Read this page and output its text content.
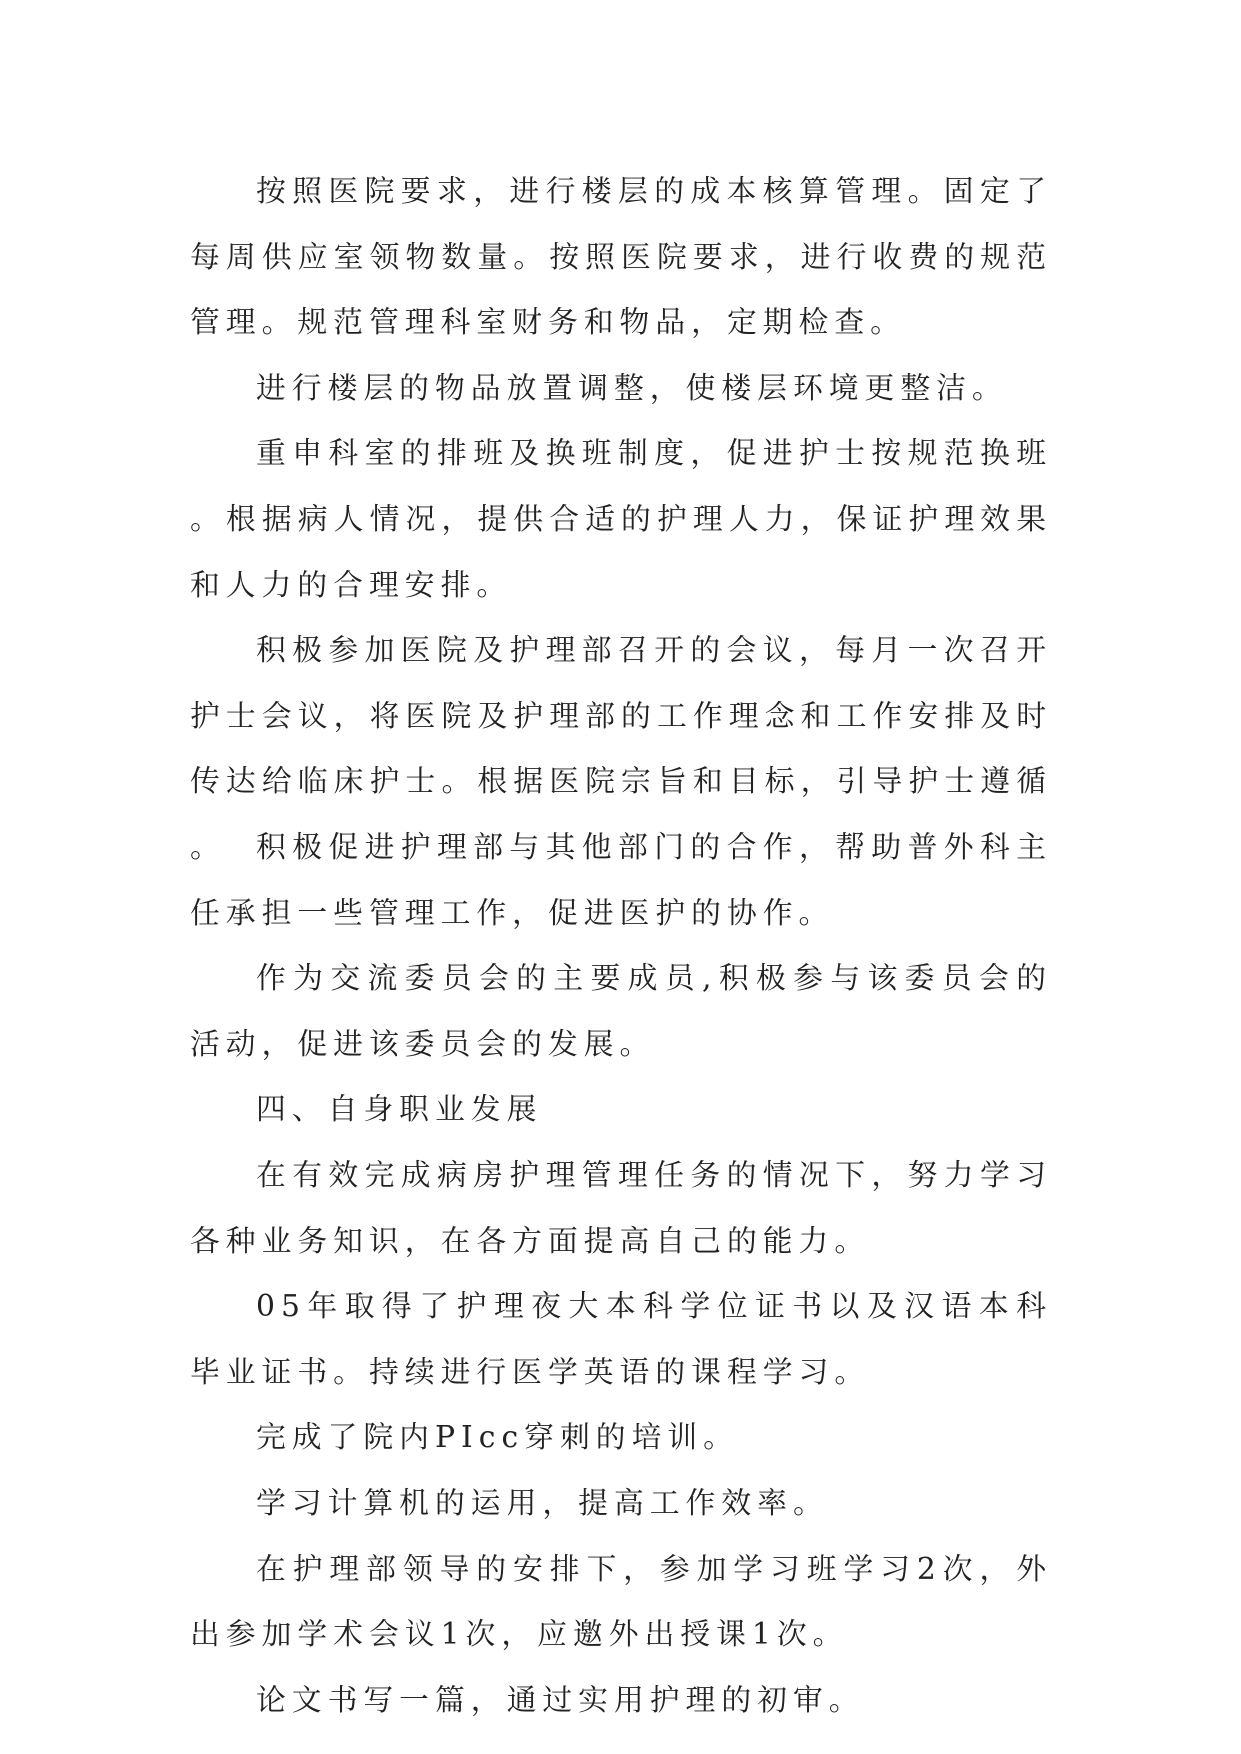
按照医院要求，进行楼层的成本核算管理。固定了每周供应室领物数量。按照医院要求，进行收费的规范管理。规范管理科室财务和物品，定期检查。

进行楼层的物品放置调整，使楼层环境更整洁。

重申科室的排班及换班制度，促进护士按规范换班。根据病人情况，提供合适的护理人力，保证护理效果和人力的合理安排。

积极参加医院及护理部召开的会议，每月一次召开护士会议，将医院及护理部的工作理念和工作安排及时传达给临床护士。根据医院宗旨和目标，引导护士遵循。	积极促进护理部与其他部门的合作，帮助普外科主任承担一些管理工作，促进医护的协作。

作为交流委员会的主要成员,积极参与该委员会的活动，促进该委员会的发展。

四、自身职业发展

在有效完成病房护理管理任务的情况下，努力学习各种业务知识，在各方面提高自己的能力。

05年取得了护理夜大本科学位证书以及汉语本科毕业证书。持续进行医学英语的课程学习。

完成了院内PIcc穿刺的培训。

学习计算机的运用，提高工作效率。

在护理部领导的安排下，参加学习班学习2次，外出参加学术会议1次，应邀外出授课1次。

论文书写一篇，通过实用护理的初审。
